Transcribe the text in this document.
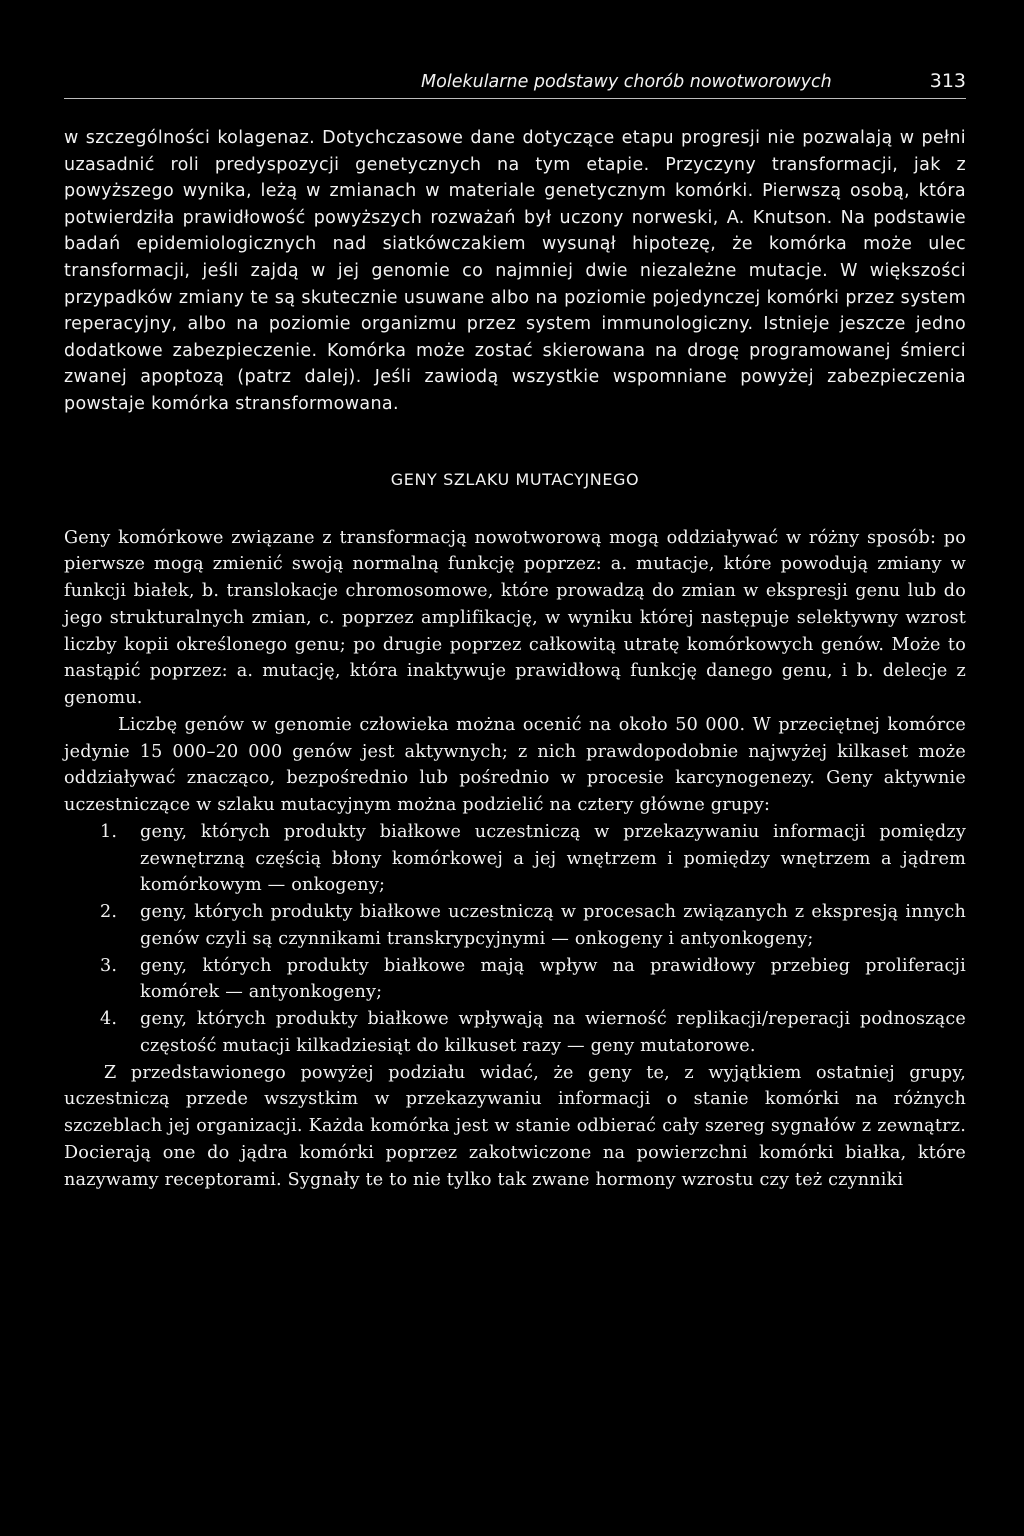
Molekularne podstawy chorób nowotworowych	313

w szczególności kolagenaz. Dotychczasowe dane dotyczące etapu progresji nie pozwalają w pełni uzasadnić roli predyspozycji genetycznych na tym etapie. Przyczyny transformacji, jak z powyższego wynika, leżą w zmianach w materiale genetycznym komórki. Pierwszą osobą, która potwierdziła prawidłowość powyższych rozważań był uczony norweski, A. Knutson. Na podstawie badań epidemiologicznych nad siatkówczakiem wysunął hipotezę, że komórka może ulec transformacji, jeśli zajdą w jej genomie co najmniej dwie niezależne mutacje. W większości przypadków zmiany te są skutecznie usuwane albo na poziomie pojedynczej komórki przez system reperacyjny, albo na poziomie organizmu przez system immunologiczny. Istnieje jeszcze jedno dodatkowe zabezpieczenie. Komórka może zostać skierowana na drogę programowanej śmierci zwanej apoptozą (patrz dalej). Jeśli zawiodą wszystkie wspomniane powyżej zabezpieczenia powstaje komórka stransformowana.

GENY SZLAKU MUTACYJNEGO

Geny komórkowe związane z transformacją nowotworową mogą oddziaływać w różny sposób: po pierwsze mogą zmienić swoją normalną funkcję poprzez: a. mutacje, które powodują zmiany w funkcji białek, b. translokacje chromosomowe, które prowadzą do zmian w ekspresji genu lub do jego strukturalnych zmian, c. poprzez amplifikację, w wyniku której następuje selektywny wzrost liczby kopii określonego genu; po drugie poprzez całkowitą utratę komórkowych genów. Może to nastąpić poprzez: a. mutację, która inaktywuje prawidłową funkcję danego genu, i b. delecje z genomu.

Liczbę genów w genomie człowieka można ocenić na około 50 000. W przeciętnej komórce jedynie 15 000–20 000 genów jest aktywnych; z nich prawdopodobnie najwyżej kilkaset może oddziaływać znacząco, bezpośrednio lub pośrednio w procesie karcynogenezy. Geny aktywnie uczestniczące w szlaku mutacyjnym można podzielić na cztery główne grupy:

1.	geny, których produkty białkowe uczestniczą w przekazywaniu informacji pomiędzy zewnętrzną częścią błony komórkowej a jej wnętrzem i pomiędzy wnętrzem a jądrem komórkowym — onkogeny;
2.	geny, których produkty białkowe uczestniczą w procesach związanych z ekspresją innych genów czyli są czynnikami transkrypcyjnymi — onkogeny i antyonkogeny;
3.	geny, których produkty białkowe mają wpływ na prawidłowy przebieg proliferacji komórek — antyonkogeny;
4.	geny, których produkty białkowe wpływają na wierność replikacji/reperacji podnoszące częstość mutacji kilkadziesiąt do kilkuset razy — geny mutatorowe.

Z przedstawionego powyżej podziału widać, że geny te, z wyjątkiem ostatniej grupy, uczestniczą przede wszystkim w przekazywaniu informacji o stanie komórki na różnych szczeblach jej organizacji. Każda komórka jest w stanie odbierać cały szereg sygnałów z zewnątrz. Docierają one do jądra komórki poprzez zakotwiczone na powierzchni komórki białka, które nazywamy receptorami. Sygnały te to nie tylko tak zwane hormony wzrostu czy też czynniki
